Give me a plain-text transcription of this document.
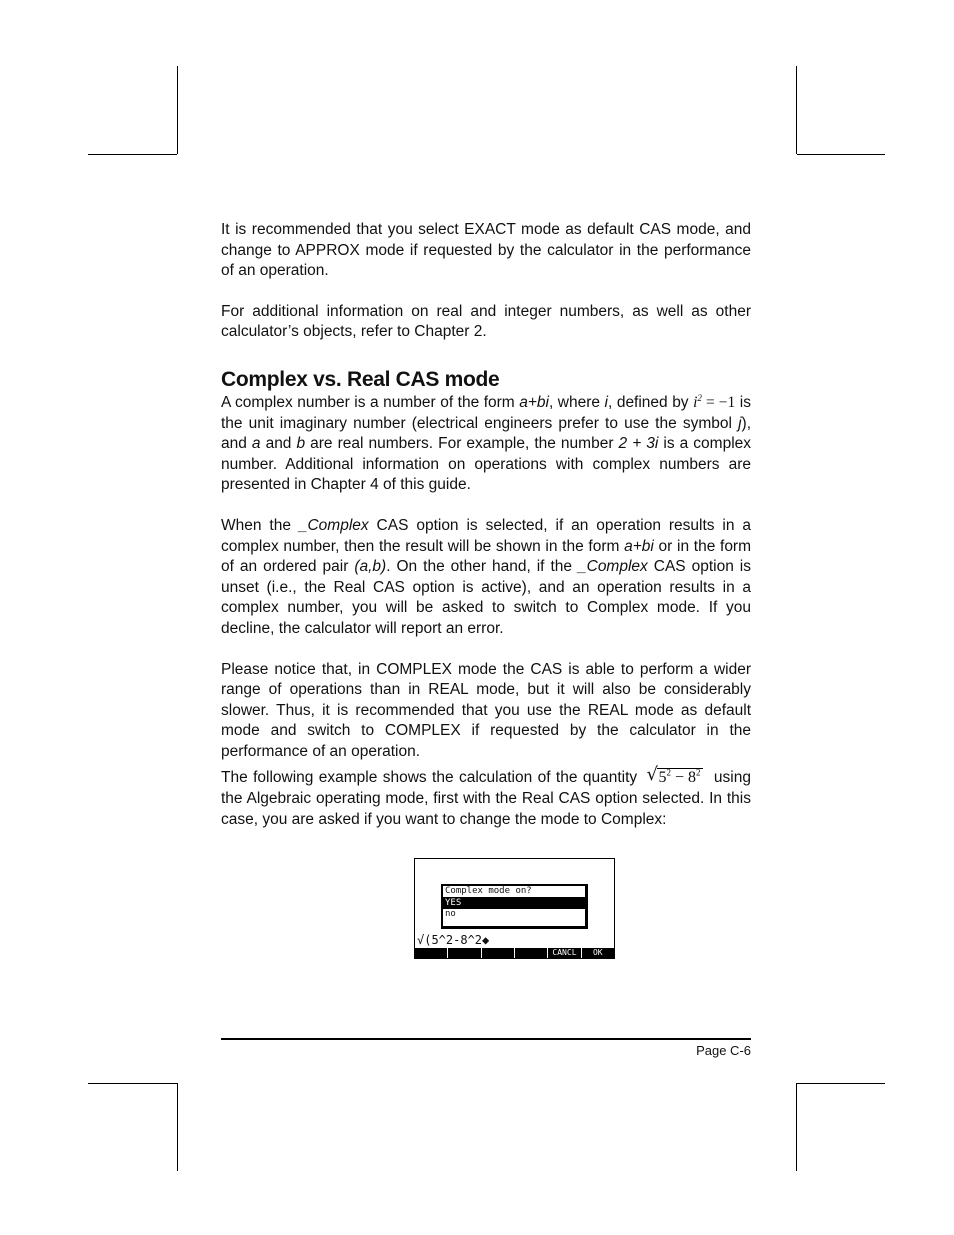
It is recommended that you select EXACT mode as default CAS mode, and change to APPROX mode if requested by the calculator in the performance of an operation.

For additional information on real and integer numbers, as well as other calculator’s objects, refer to Chapter 2.

Complex vs. Real CAS mode

A complex number is a number of the form a+bi, where i, defined by $i^2 = -1$ is the unit imaginary number (electrical engineers prefer to use the symbol j), and a and b are real numbers. For example, the number 2 + 3i is a complex number. Additional information on operations with complex numbers are presented in Chapter 4 of this guide.

When the _Complex CAS option is selected, if an operation results in a complex number, then the result will be shown in the form a+bi or in the form of an ordered pair (a,b). On the other hand, if the _Complex CAS option is unset (i.e., the Real CAS option is active), and an operation results in a complex number, you will be asked to switch to Complex mode. If you decline, the calculator will report an error.

Please notice that, in COMPLEX mode the CAS is able to perform a wider range of operations than in REAL mode, but it will also be considerably slower. Thus, it is recommended that you use the REAL mode as default mode and switch to COMPLEX if requested by the calculator in the performance of an operation.

The following example shows the calculation of the quantity √ $5^2 - 8^2$ using the Algebraic operating mode, first with the Real CAS option selected. In this case, you are asked if you want to change the mode to Complex:

Complex mode on?
YES
no
√(5^2-8^2◆
CANCL	OK
Page C-6
